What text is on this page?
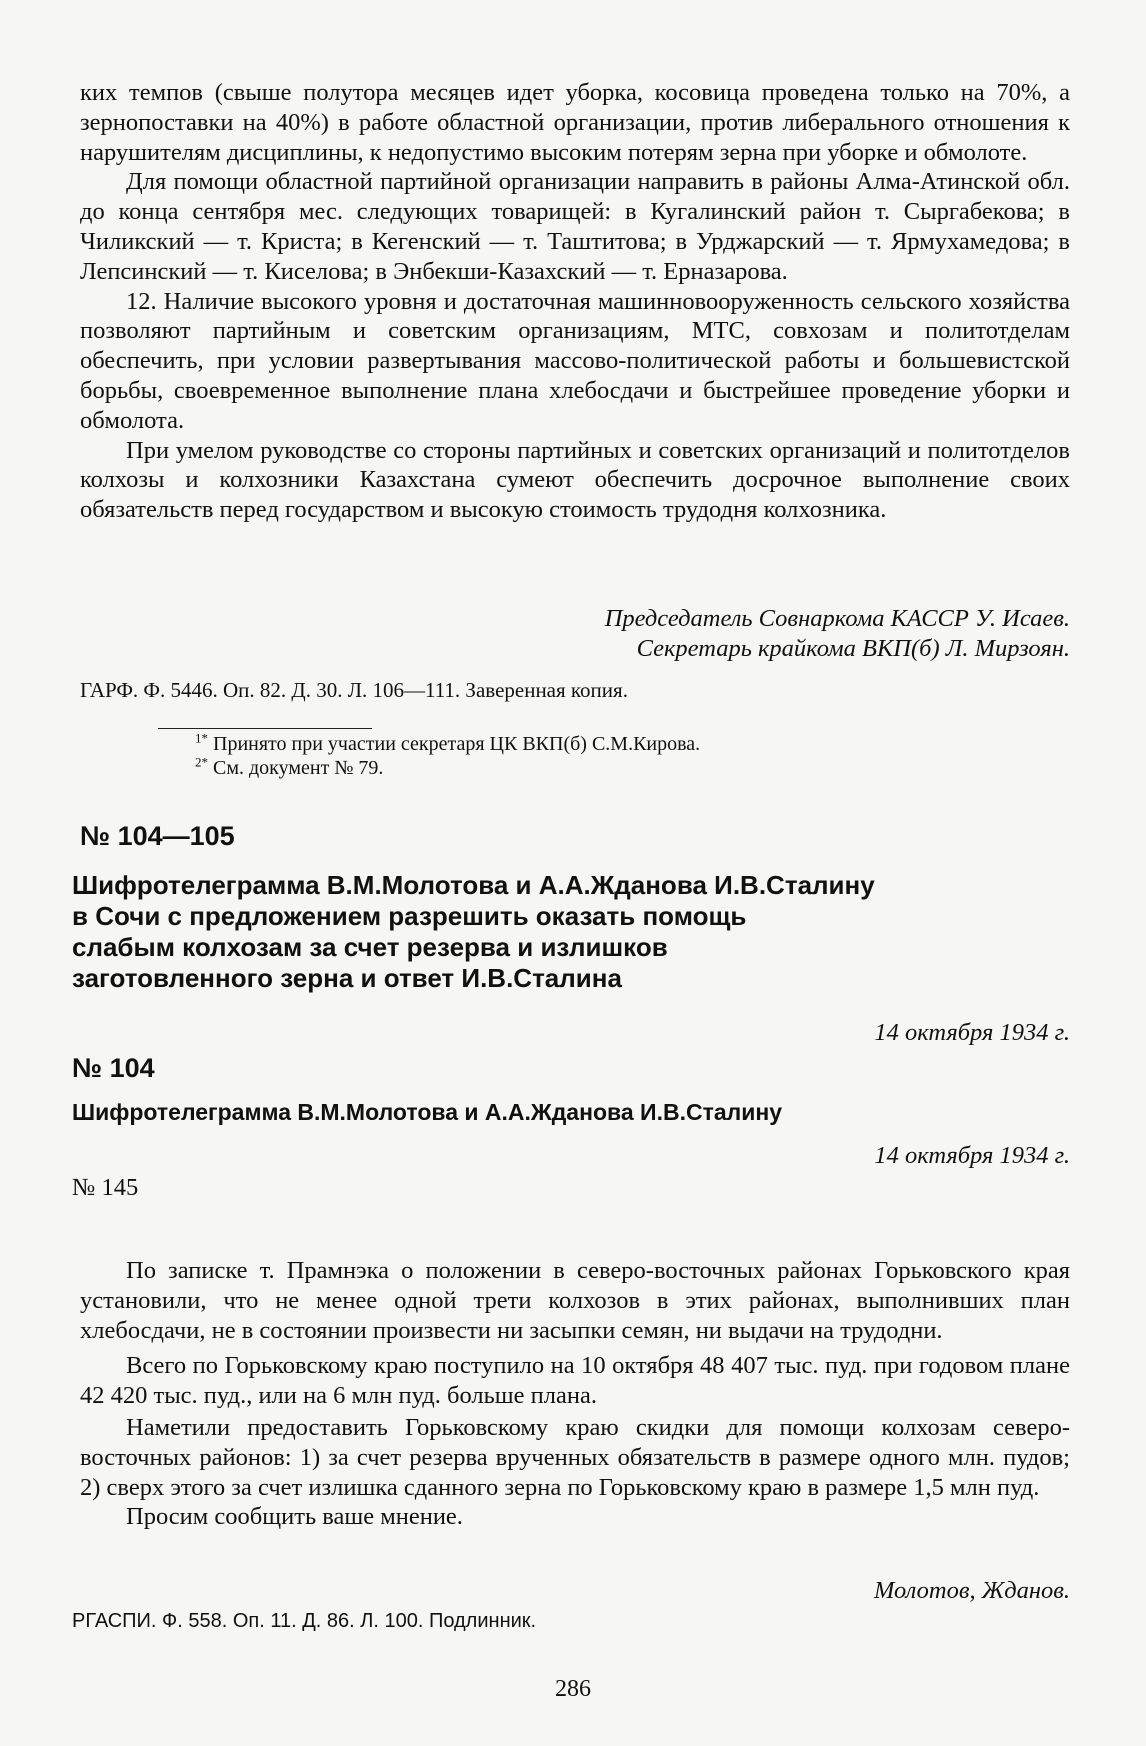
ких темпов (свыше полутора месяцев идет уборка, косовица проведена только на 70%, а зернопоставки на 40%) в работе областной организации, против либерального отношения к нарушителям дисциплины, к недопустимо высоким потерям зерна при уборке и обмолоте.

Для помощи областной партийной организации направить в районы Алма-Атинской обл. до конца сентября мес. следующих товарищей: в Кугалинский район т. Сыргабекова; в Чиликский — т. Криста; в Кегенский — т. Таштитова; в Урджарский — т. Ярмухамедова; в Лепсинский — т. Киселова; в Энбекши-Казахский — т. Ерназарова.

12. Наличие высокого уровня и достаточная машинновооруженность сельского хозяйства позволяют партийным и советским организациям, МТС, совхозам и политотделам обеспечить, при условии развертывания массово-политической работы и большевистской борьбы, своевременное выполнение плана хлебосдачи и быстрейшее проведение уборки и обмолота.

При умелом руководстве со стороны партийных и советских организаций и политотделов колхозы и колхозники Казахстана сумеют обеспечить досрочное выполнение своих обязательств перед государством и высокую стоимость трудодня колхозника.

Председатель Совнаркома КАССР У. Исаев.
Секретарь крайкома ВКП(б) Л. Мирзоян.
ГАРФ. Ф. 5446. Оп. 82. Д. 30. Л. 106—111. Заверенная копия.
$^{1*}$ Принято при участии секретаря ЦК ВКП(б) С.М.Кирова.
$^{2*}$ См. документ № 79.
№ 104—105
Шифротелеграмма В.М.Молотова и А.А.Жданова И.В.Сталину
в Сочи с предложением разрешить оказать помощь
слабым колхозам за счет резерва и излишков
заготовленного зерна и ответ И.В.Сталина
14 октября 1934 г.
№ 104
Шифротелеграмма В.М.Молотова и А.А.Жданова И.В.Сталину
14 октября 1934 г.
№ 145

По записке т. Прамнэка о положении в северо-восточных районах Горьковского края установили, что не менее одной трети колхозов в этих районах, выполнивших план хлебосдачи, не в состоянии произвести ни засыпки семян, ни выдачи на трудодни.

Всего по Горьковскому краю поступило на 10 октября 48 407 тыс. пуд. при годовом плане 42 420 тыс. пуд., или на 6 млн пуд. больше плана.

Наметили предоставить Горьковскому краю скидки для помощи колхозам северо-восточных районов: 1) за счет резерва врученных обязательств в размере одного млн. пудов; 2) сверх этого за счет излишка сданного зерна по Горьковскому краю в размере 1,5 млн пуд.

Просим сообщить ваше мнение.

Молотов, Жданов.
РГАСПИ. Ф. 558. Оп. 11. Д. 86. Л. 100. Подлинник.
286
